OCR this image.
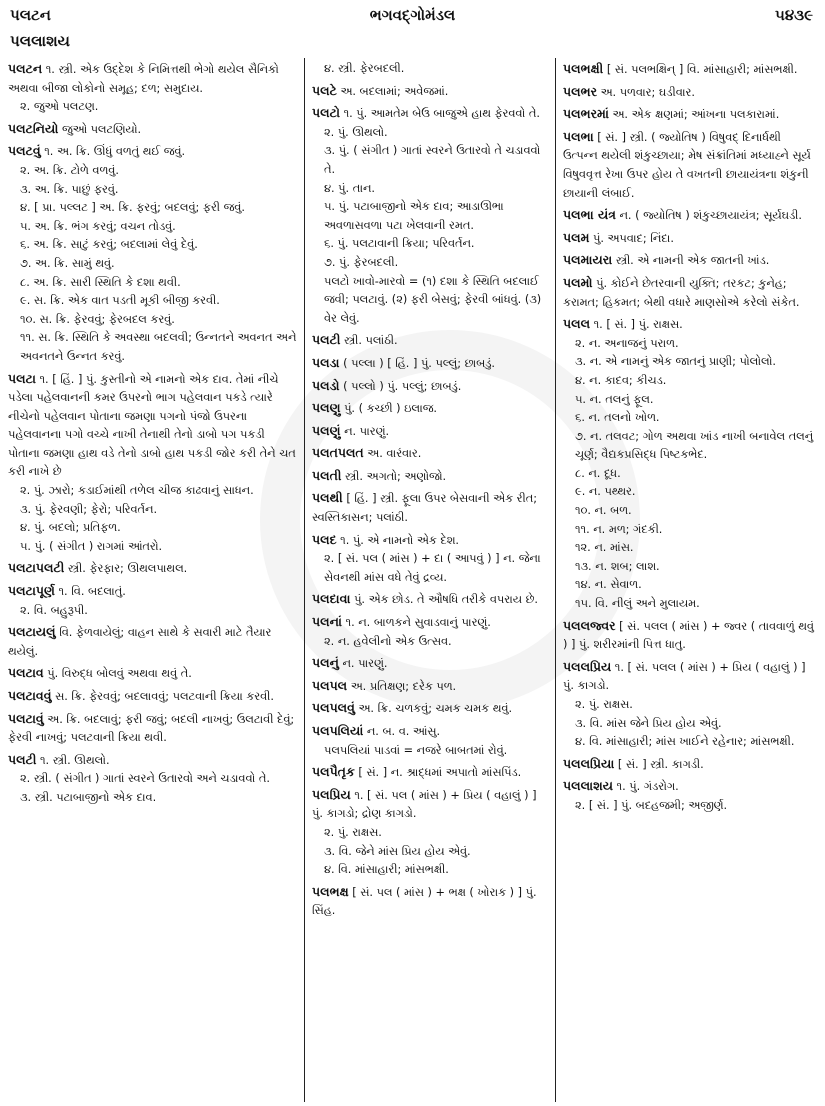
પલટન	ભગવદ્‌ગોમંડલ	૫૪૩૯
પલલાશય
પલટન ૧. સ્ત્રી. એક ઉદ્દેશ કે નિમિત્તથી ભેગો થયેલ સૈનિકો અથવા બીજા લોકોનો સમૂહ; દળ; સમુદાય.
૨. જુઓ પલટણ.
પલટનિયો જુઓ પલટણિયો.
પલટવું ૧. અ. ક્રિ. ઊંધું વળતું થઈ જવું.
૨. અ. ક્રિ. ટોળે વળવું.
૩. અ. ક્રિ. પાછું ફરવું.
૪. [ પ્રા. પલ્લટ ] અ. ક્રિ. ફરવું; બદલવું; ફરી જવું.
૫. અ. ક્રિ. ભંગ કરવું; વચન તોડવું.
૬. અ. ક્રિ. સાટું કરવું; બદલામાં લેવું દેવું.
૭. અ. ક્રિ. સામું થવું.
૮. અ. ક્રિ. સારી સ્થિતિ કે દશા થવી.
૯. સ. ક્રિ. એક વાત પડતી મૂકી બીજી કરવી.
૧૦. સ. ક્રિ. ફેરવવું; ફેરબદલ કરવું.
૧૧. સ. ક્રિ. સ્થિતિ કે અવસ્થા બદલવી; ઉન્નતને અવનત અને અવનતને ઉન્નત કરવું.
પલટા ૧. [ હિં. ] પું. કુસ્તીનો એ નામનો એક દાવ. તેમાં નીચે પડેલા પહેલવાનની કમર ઉપરનો ભાગ પહેલવાન પકડે ત્યારે નીચેનો પહેલવાન પોતાના જમણા પગનો પંજો ઉપરના પહેલવાનના પગો વચ્ચે નાખી તેનાથી તેનો ડાબો પગ પકડી પોતાના જમણા હાથ વડે તેનો ડાબો હાથ પકડી જોર કરી તેને ચત કરી નાખે છે
૨. પું. ઝારો; કડાઈમાંથી તળેલ ચીજ કાઢવાનું સાધન.
૩. પું. ફેરવણી; ફેરો; પરિવર્તન.
૪. પું. બદલો; પ્રતિફળ.
૫. પું. ( સંગીત ) રાગમાં આંતરો.
પલટાપલટી સ્ત્રી. ફેરફાર; ઊથલપાથલ.
પલટાપૂર્ણ ૧. વિ. બદલાતું.
૨. વિ. બહુરૂપી.
પલટાયલું વિ. ફેળવાયેલું; વાહન સાથે કે સવારી માટે તૈયાર થયેલું.
પલટાવ પું. વિરુદ્ધ બોલવું અથવા થવું તે.
પલટાવવું સ. ક્રિ. ફેરવવું; બદલાવવું; પલટવાની ક્રિયા કરવી.
પલટાવું અ. ક્રિ. બદલાવું; ફરી જવું; બદલી નાખવું; ઉલટાવી દેવું; ફેરવી નાખવું; પલટવાની ક્રિયા થવી.
પલટી ૧. સ્ત્રી. ઊથલો.
૨. સ્ત્રી. ( સંગીત ) ગાતાં સ્વરને ઉતારવો અને ચડાવવો તે.
૩. સ્ત્રી. પટાબાજીનો એક દાવ.
૪. સ્ત્રી. ફેરબદલી.
પલટે અ. બદલામાં; અવેજમાં.
પલટો ૧. પું. આમતેમ બેઉ બાજુએ હાથ ફેરવવો તે.
૨. પું. ઊથલો.
૩. પું. ( સંગીત ) ગાતાં સ્વરને ઉતારવો તે ચડાવવો તે.
૪. પું. તાન.
૫. પું. પટાબાજીનો એક દાવ; આડાઊભા અવળાસવળા પટા ખેલવાની રમત.
૬. પું. પલટાવાની ક્રિયા; પરિવર્તન.
૭. પું. ફેરબદલી.
પલટો ખાવો-મારવો = (૧) દશા કે સ્થિતિ બદલાઈ જવી; પલટાવું. (૨) ફરી બેસવું; ફેરવી બાંધવું. (૩) વેર લેવું.
પલટી સ્ત્રી. પલાંઠી.
પલડા ( પલ્લા ) [ હિં. ] પું. પલ્લું; છાબડું.
પલડો ( પલ્લો ) પું. પલ્લું; છાબડું.
પલણુ પું. ( કચ્છી ) ઇલાજ.
પલણું ન. પારણું.
પલતપલત અ. વારંવાર.
પલતી સ્ત્રી. અગતો; અણોજો.
પલથી [ હિં. ] સ્ત્રી. ફૂલા ઉપર બેસવાની એક રીત; સ્વસ્તિકાસન; પલાંઠી.
પલદ ૧. પું. એ નામનો એક દેશ.
૨. [ સં. પલ ( માંસ ) + દા ( આપવું ) ] ન. જેના સેવનથી માંસ વધે તેવું દ્રવ્ય.
પલદાવા પું. એક છોડ. તે ઔષધિ તરીકે વપરાય છે.
પલનાં ૧. ન. બાળકને સુવાડવાનું પારણું.
૨. ન. હવેલીનો એક ઉત્સવ.
પલનું ન. પારણું.
પલપલ અ. પ્રતિક્ષણ; દરેક પળ.
પલપલવું અ. ક્રિ. ચળકવું; ચમક ચમક થવું.
પલપલિયાં ન. બ. વ. આંસુ.
પલપલિયાં પાડવાં = નજરે બાબતમાં રોવું.
પલપૈતૃક [ સં. ] ન. શ્રાદ્ધમાં અપાતો માંસપિંડ.
પલપ્રિય ૧. [ સં. પલ ( માંસ ) + પ્રિય ( વહાલું ) ] પું. કાગડો; દ્રોણ કાગડો.
૨. પું. રાક્ષસ.
૩. વિ. જેને માંસ પ્રિય હોય એવું.
૪. વિ. માંસાહારી; માંસભક્ષી.
પલભક્ષ [ સં. પલ ( માંસ ) + ભક્ષ ( ખોરાક ) ] પું. સિંહ.
પલભક્ષી [ સં. પલભક્ષિન્ ] વિ. માંસાહારી; માંસભક્ષી.
પલભર અ. પળવાર; ઘડીવાર.
પલભરમાં અ. એક ક્ષણમાં; આંખના પલકારામાં.
પલભા [ સં. ] સ્ત્રી. ( જ્યોતિષ ) વિષુવદ્ દિનાર્ધથી ઉત્પન્ન થયેલી શંકુચ્છાયા; મેષ સંક્રાંતિમાં મધ્યાહ્ને સૂર્ય વિષુવવૃત્ત રેખા ઉપર હોય તે વખતની છાયાયંત્રના શંકુની છાયાની લંબાઈ.
પલભા યંત્ર ન. ( જ્યોતિષ ) શંકુચ્છાયાયંત્ર; સૂર્યઘડી.
પલમ પું. અપવાદ; નિંદા.
પલમાયરા સ્ત્રી. એ નામની એક જાતની ખાંડ.
પલમો પું. કોઈને છેતરવાની યુક્તિ; તરકટ; કુનેહ; કરામત; હિકમત; બેથી વધારે માણસોએ કરેલો સંકેત.
પલલ ૧. [ સં. ] પું. રાક્ષસ.
૨. ન. અનાજનું પરાળ.
૩. ન. એ નામનું એક જાતનું પ્રાણી; પોલોલો.
૪. ન. કાદવ; કીચડ.
૫. ન. તલનું ફૂલ.
૬. ન. તલનો ખોળ.
૭. ન. તલવટ; ગોળ અથવા ખાંડ નાખી બનાવેલ તલનું ચૂર્ણ; વૈદ્યકપ્રસિદ્ધ પિષ્ટકભેદ.
૮. ન. દૂધ.
૯. ન. પથ્થર.
૧૦. ન. બળ.
૧૧. ન. મળ; ગંદકી.
૧૨. ન. માંસ.
૧૩. ન. શબ; લાશ.
૧૪. ન. સેવાળ.
૧૫. વિ. નીલું અને મુલાયમ.
પલલજ્વર [ સં. પલલ ( માંસ ) + જ્વર ( તાવવાળું થવું ) ] પું. શરીરમાંની પિત્ત ધાતુ.
પલલપ્રિય ૧. [ સં. પલલ ( માંસ ) + પ્રિય ( વહાલું ) ] પું. કાગડો.
૨. પું. રાક્ષસ.
૩. વિ. માંસ જેને પ્રિય હોય એવું.
૪. વિ. માંસાહારી; માંસ ખાઈને રહેનાર; માંસભક્ષી.
પલલપ્રિયા [ સં. ] સ્ત્રી. કાગડી.
પલલાશય ૧. પું. ગંડરોગ.
૨. [ સં. ] પું. બદહજમી; અજીર્ણ.
